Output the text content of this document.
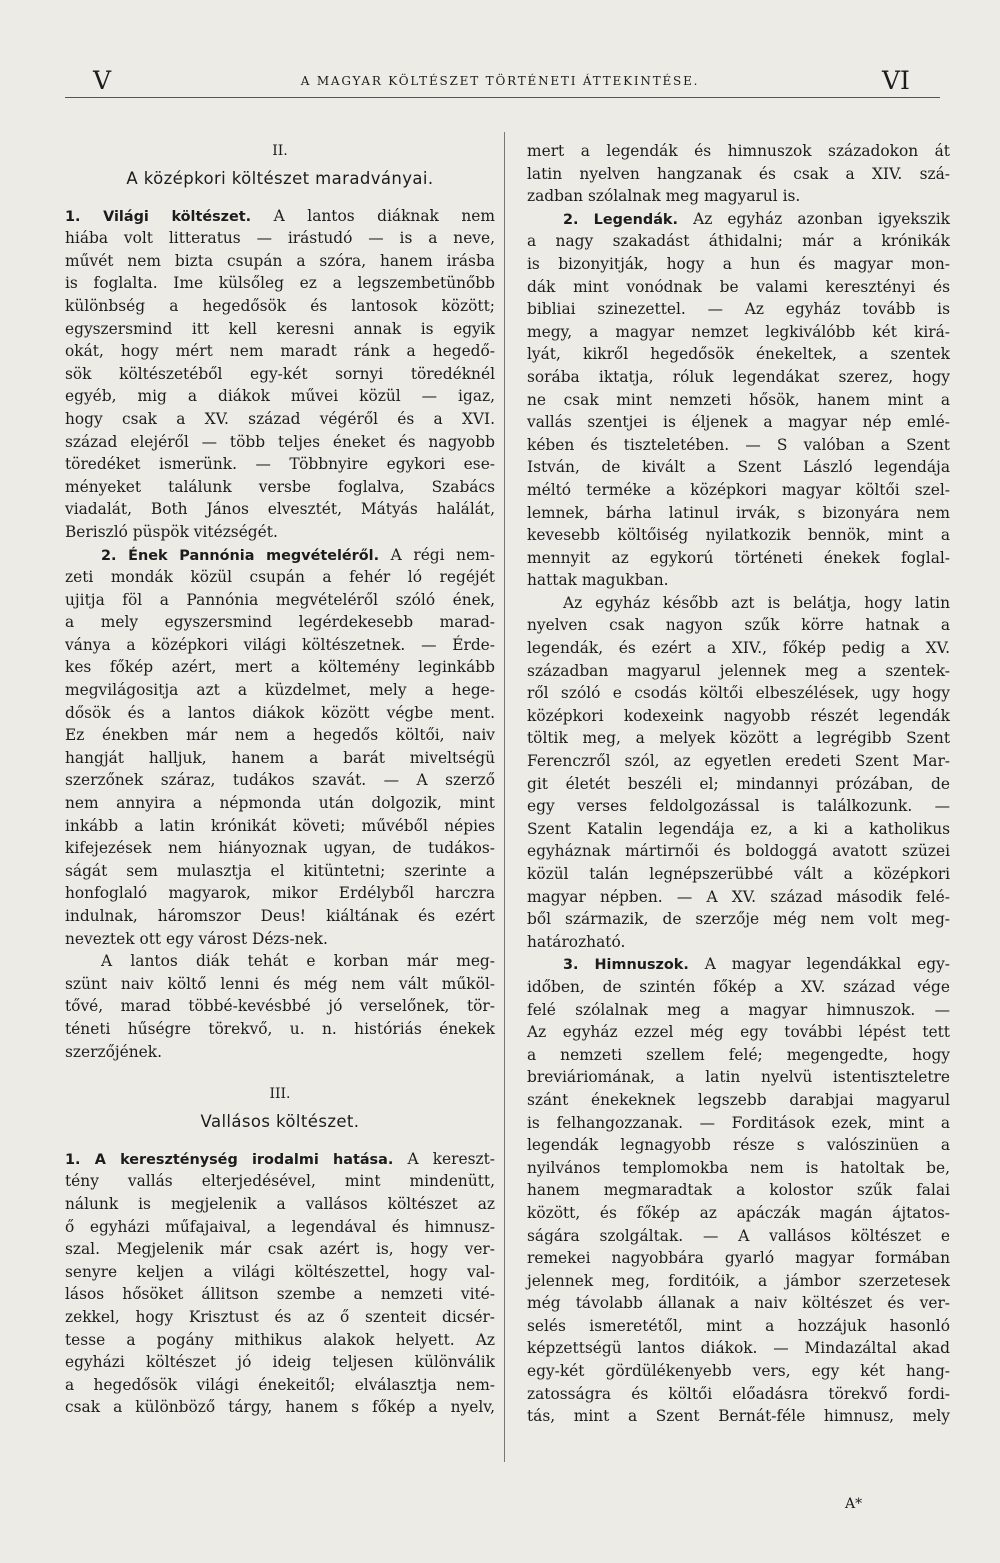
V	A MAGYAR KÖLTÉSZET TÖRTÉNETI ÁTTEKINTÉSE.	VI
II.
A középkori költészet maradványai.
1. Világi költészet. A lantos diáknak nem
hiába volt litteratus — irástudó — is a neve,
művét nem bizta csupán a szóra, hanem irásba
is foglalta. Ime külsőleg ez a legszembetünőbb
különbség a hegedősök és lantosok között;
egyszersmind itt kell keresni annak is egyik
okát, hogy mért nem maradt ránk a hegedő-
sök költészetéből egy-két sornyi töredéknél
egyéb, mig a diákok művei közül — igaz,
hogy csak a XV. század végéről és a XVI.
század elejéről — több teljes éneket és nagyobb
töredéket ismerünk. — Többnyire egykori ese-
ményeket találunk versbe foglalva, Szabács
viadalát, Both János elvesztét, Mátyás halálát,
Beriszló püspök vitézségét.
2. Ének Pannónia megvételéről. A régi nem-
zeti mondák közül csupán a fehér ló regéjét
ujitja föl a Pannónia megvételéről szóló ének,
a mely egyszersmind legérdekesebb marad-
ványa a középkori világi költészetnek. — Érde-
kes főkép azért, mert a költemény leginkább
megvilágositja azt a küzdelmet, mely a hege-
dősök és a lantos diákok között végbe ment.
Ez énekben már nem a hegedős költői, naiv
hangját halljuk, hanem a barát miveltségü
szerzőnek száraz, tudákos szavát. — A szerző
nem annyira a népmonda után dolgozik, mint
inkább a latin krónikát követi; művéből népies
kifejezések nem hiányoznak ugyan, de tudákos-
ságát sem mulasztja el kitüntetni; szerinte a
honfoglaló magyarok, mikor Erdélyből harczra
indulnak, háromszor Deus! kiáltának és ezért
neveztek ott egy várost Dézs-nek.
A lantos diák tehát e korban már meg-
szünt naiv költő lenni és még nem vált műköl-
tővé, marad többé-kevésbbé jó verselőnek, tör-
téneti hűségre törekvő, u. n. históriás énekek
szerzőjének.
III.
Vallásos költészet.
1. A kereszténység irodalmi hatása. A kereszt-
tény vallás elterjedésével, mint mindenütt,
nálunk is megjelenik a vallásos költészet az
ő egyházi műfajaival, a legendával és himnusz-
szal. Megjelenik már csak azért is, hogy ver-
senyre keljen a világi költészettel, hogy val-
lásos hősöket állitson szembe a nemzeti vité-
zekkel, hogy Krisztust és az ő szenteit dicsér-
tesse a pogány mithikus alakok helyett. Az
egyházi költészet jó ideig teljesen különválik
a hegedősök világi énekeitől; elválasztja nem-
csak a különböző tárgy, hanem s főkép a nyelv,
mert a legendák és himnuszok századokon át
latin nyelven hangzanak és csak a XIV. szá-
zadban szólalnak meg magyarul is.
2. Legendák. Az egyház azonban igyekszik
a nagy szakadást áthidalni; már a krónikák
is bizonyitják, hogy a hun és magyar mon-
dák mint vonódnak be valami keresztényi és
bibliai szinezettel. — Az egyház tovább is
megy, a magyar nemzet legkiválóbb két kirá-
lyát, kikről hegedősök énekeltek, a szentek
sorába iktatja, róluk legendákat szerez, hogy
ne csak mint nemzeti hősök, hanem mint a
vallás szentjei is éljenek a magyar nép emlé-
kében és tiszteletében. — S valóban a Szent
István, de kivált a Szent László legendája
méltó terméke a középkori magyar költői szel-
lemnek, bárha latinul irvák, s bizonyára nem
kevesebb költőiség nyilatkozik bennök, mint a
mennyit az egykorú történeti énekek foglal-
hattak magukban.
Az egyház később azt is belátja, hogy latin
nyelven csak nagyon szűk körre hatnak a
legendák, és ezért a XIV., főkép pedig a XV.
században magyarul jelennek meg a szentek-
ről szóló e csodás költői elbeszélések, ugy hogy
középkori kodexeink nagyobb részét legendák
töltik meg, a melyek között a legrégibb Szent
Ferenczről szól, az egyetlen eredeti Szent Mar-
git életét beszéli el; mindannyi prózában, de
egy verses feldolgozással is találkozunk. —
Szent Katalin legendája ez, a ki a katholikus
egyháznak mártirnői és boldoggá avatott szüzei
közül talán legnépszerübbé vált a középkori
magyar népben. — A XV. század második felé-
ből származik, de szerzője még nem volt meg-
határozható.
3. Himnuszok. A magyar legendákkal egy-
időben, de szintén főkép a XV. század vége
felé szólalnak meg a magyar himnuszok. —
Az egyház ezzel még egy további lépést tett
a nemzeti szellem felé; megengedte, hogy
breviáriomának, a latin nyelvü istentiszteletre
szánt énekeknek legszebb darabjai magyarul
is felhangozzanak. — Forditások ezek, mint a
legendák legnagyobb része s valószinüen a
nyilvános templomokba nem is hatoltak be,
hanem megmaradtak a kolostor szűk falai
között, és főkép az apáczák magán ájtatos-
ságára szolgáltak. — A vallásos költészet e
remekei nagyobbára gyarló magyar formában
jelennek meg, forditóik, a jámbor szerzetesek
még távolabb állanak a naiv költészet és ver-
selés ismeretétől, mint a hozzájuk hasonló
képzettségü lantos diákok. — Mindazáltal akad
egy-két gördülékenyebb vers, egy két hang-
zatosságra és költői előadásra törekvő fordi-
tás, mint a Szent Bernát-féle himnusz, mely
A*
